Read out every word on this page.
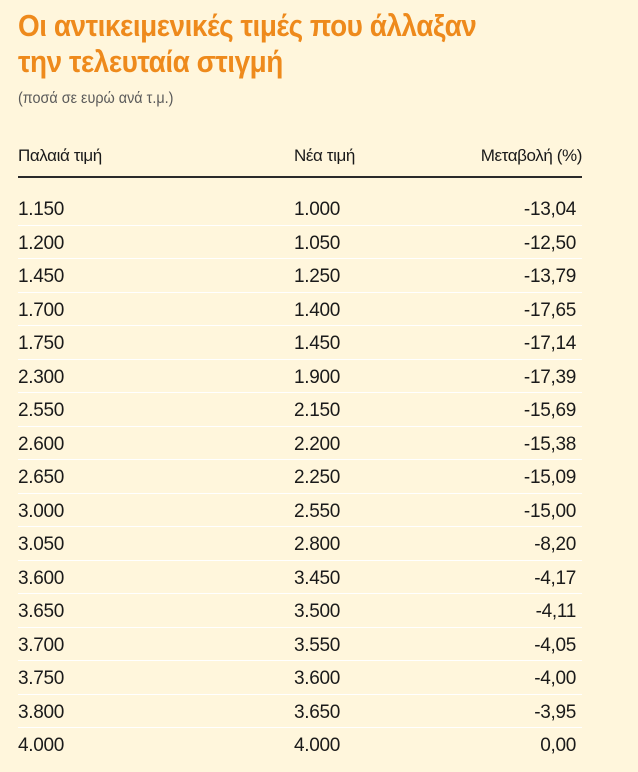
Οι αντικειμενικές τιμές που άλλαξαν
την τελευταία στιγμή
(ποσά σε ευρώ ανά τ.μ.)
Παλαιά τιμή	Νέα τιμή	Μεταβολή (%)
1.150	1.000	-13,04
1.200	1.050	-12,50
1.450	1.250	-13,79
1.700	1.400	-17,65
1.750	1.450	-17,14
2.300	1.900	-17,39
2.550	2.150	-15,69
2.600	2.200	-15,38
2.650	2.250	-15,09
3.000	2.550	-15,00
3.050	2.800	-8,20
3.600	3.450	-4,17
3.650	3.500	-4,11
3.700	3.550	-4,05
3.750	3.600	-4,00
3.800	3.650	-3,95
4.000	4.000	0,00
